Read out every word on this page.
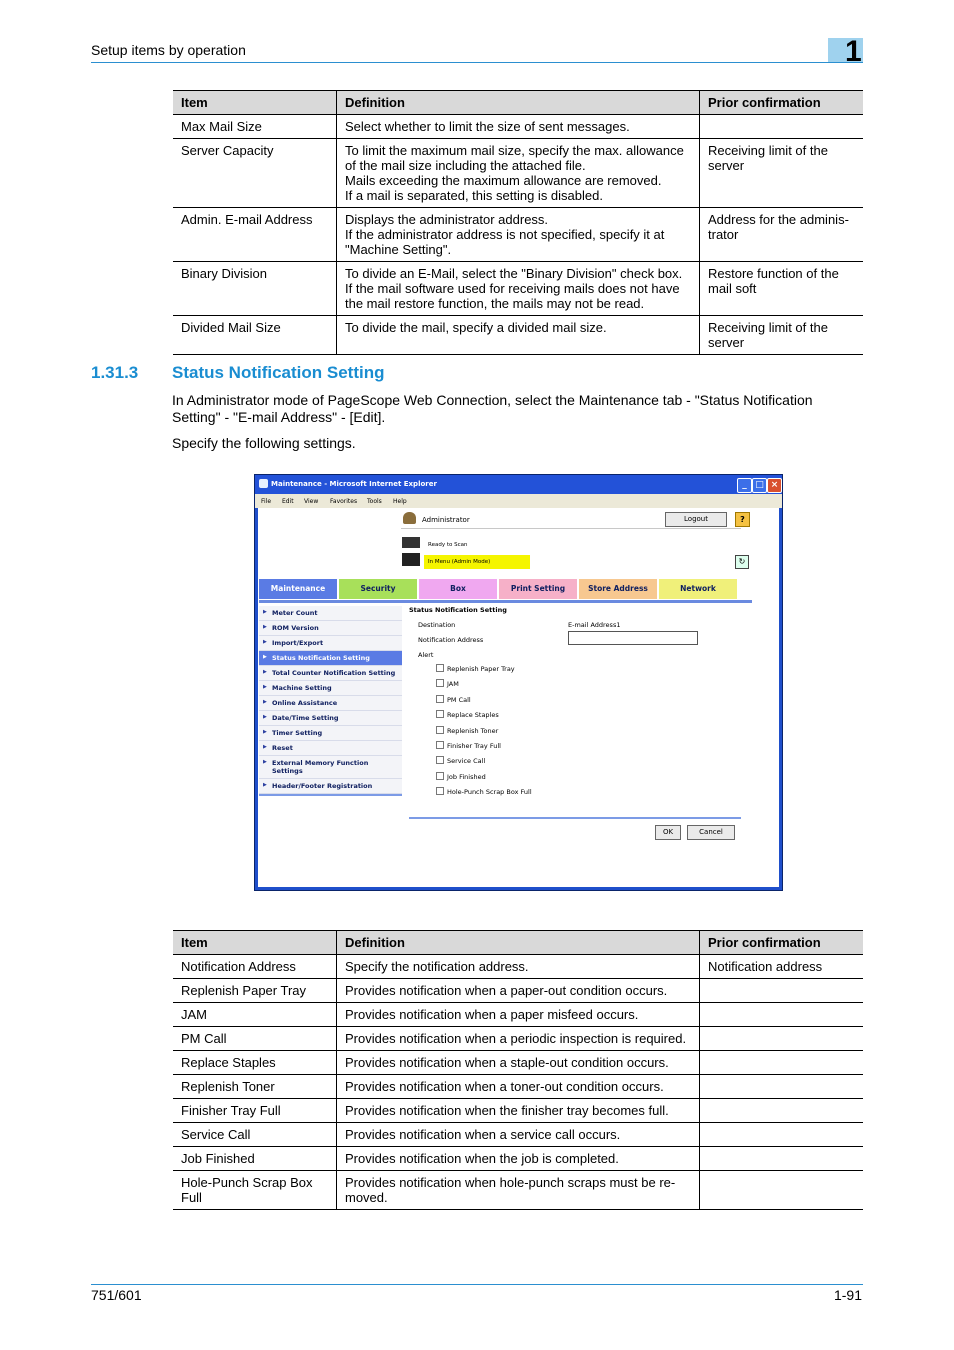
Setup items by operation	1
Item	Definition	Prior confirmation
Max Mail Size	Select whether to limit the size of sent messages.	
Server Capacity	To limit the maximum mail size, specify the max. allowance
of the mail size including the attached file.
Mails exceeding the maximum allowance are removed.
If a mail is separated, this setting is disabled.	Receiving limit of the
server
Admin. E-mail Address	Displays the administrator address.
If the administrator address is not specified, specify it at
"Machine Setting".	Address for the adminis-
trator
Binary Division	To divide an E-Mail, select the "Binary Division" check box.
If the mail software used for receiving mails does not have
the mail restore function, the mails may not be read.	Restore function of the
mail soft
Divided Mail Size	To divide the mail, specify a divided mail size.	Receiving limit of the
server
1.31.3 Status Notification Setting
In Administrator mode of PageScope Web Connection, select the Maintenance tab - "Status Notification Setting" - "E-mail Address" - [Edit].
Specify the following settings.
Maintenance - Microsoft Internet Explorer	_ □ ×
File Edit View Favorites Tools Help
Administrator	Logout	?
Ready to Scan
In Menu (Admin Mode)	↻
Maintenance	Security	Box	Print Setting	Store Address	Network
▶ Meter Count
▶ ROM Version
▶ Import/Export
▶ Status Notification Setting
▶ Total Counter Notification Setting
▶ Machine Setting
▶ Online Assistance
▶ Date/Time Setting
▶ Timer Setting
▶ Reset
▶ External Memory Function Settings
▶ Header/Footer Registration
Status Notification Setting
Destination	E-mail Address1
Notification Address
Alert
Replenish Paper Tray
JAM
PM Call
Replace Staples
Replenish Toner
Finisher Tray Full
Service Call
Job Finished
Hole-Punch Scrap Box Full
OK	Cancel
Item	Definition	Prior confirmation
Notification Address	Specify the notification address.	Notification address
Replenish Paper Tray	Provides notification when a paper-out condition occurs.	
JAM	Provides notification when a paper misfeed occurs.	
PM Call	Provides notification when a periodic inspection is required.	
Replace Staples	Provides notification when a staple-out condition occurs.	
Replenish Toner	Provides notification when a toner-out condition occurs.	
Finisher Tray Full	Provides notification when the finisher tray becomes full.	
Service Call	Provides notification when a service call occurs.	
Job Finished	Provides notification when the job is completed.	
Hole-Punch Scrap Box
Full	Provides notification when hole-punch scraps must be re-
moved.	
751/601	1-91
